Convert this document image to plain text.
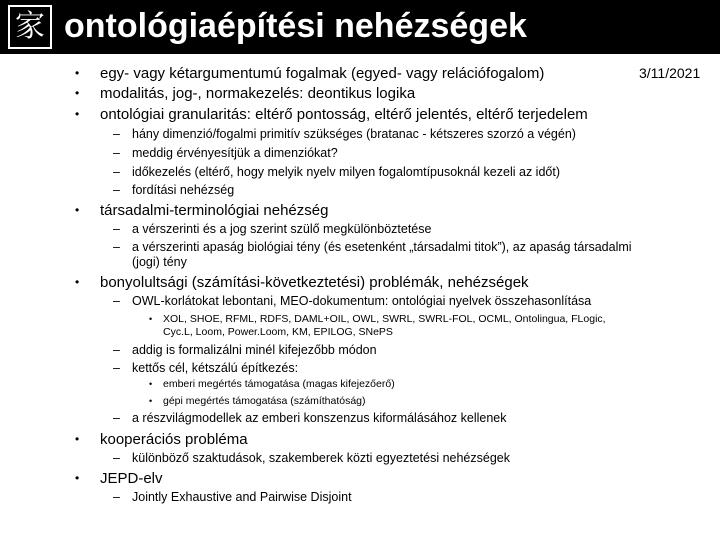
家 ontológiaépítési nehézségek
3/11/2021
• egy- vagy kétargumentumú fogalmak (egyed- vagy relációfogalom)
• modalitás, jog-, normakezelés: deontikus logika
• ontológiai granularitás: eltérő pontosság, eltérő jelentés, eltérő terjedelem
– hány dimenzió/fogalmi primitív szükséges (bratanac - kétszeres szorzó a végén)
– meddig érvényesítjük a dimenziókat?
– időkezelés (eltérő, hogy melyik nyelv milyen fogalomtípusoknál kezeli az időt)
– fordítási nehézség
• társadalmi-terminológiai nehézség
– a vérszerinti és a jog szerint szülő megkülönböztetése
– a vérszerinti apaság biológiai tény (és esetenként „társadalmi titok”), az apaság társadalmi
(jogi) tény
• bonyolultsági (számítási-következtetési) problémák, nehézségek
– OWL-korlátokat lebontani, MEO-dokumentum: ontológiai nyelvek összehasonlítása
• XOL, SHOE, RFML, RDFS, DAML+OIL, OWL, SWRL, SWRL-FOL, OCML, Ontolingua, FLogic,
Cyc.L, Loom, Power.Loom, KM, EPILOG, SNePS
– addig is formalizálni minél kifejezőbb módon
– kettős cél, kétszálú építkezés:
• emberi megértés támogatása (magas kifejezőerő)
• gépi megértés támogatása (számíthatóság)
– a részvilágmodellek az emberi konszenzus kiformálásához kellenek
• kooperációs probléma
– különböző szaktudások, szakemberek közti egyeztetési nehézségek
• JEPD-elv
– Jointly Exhaustive and Pairwise Disjoint
